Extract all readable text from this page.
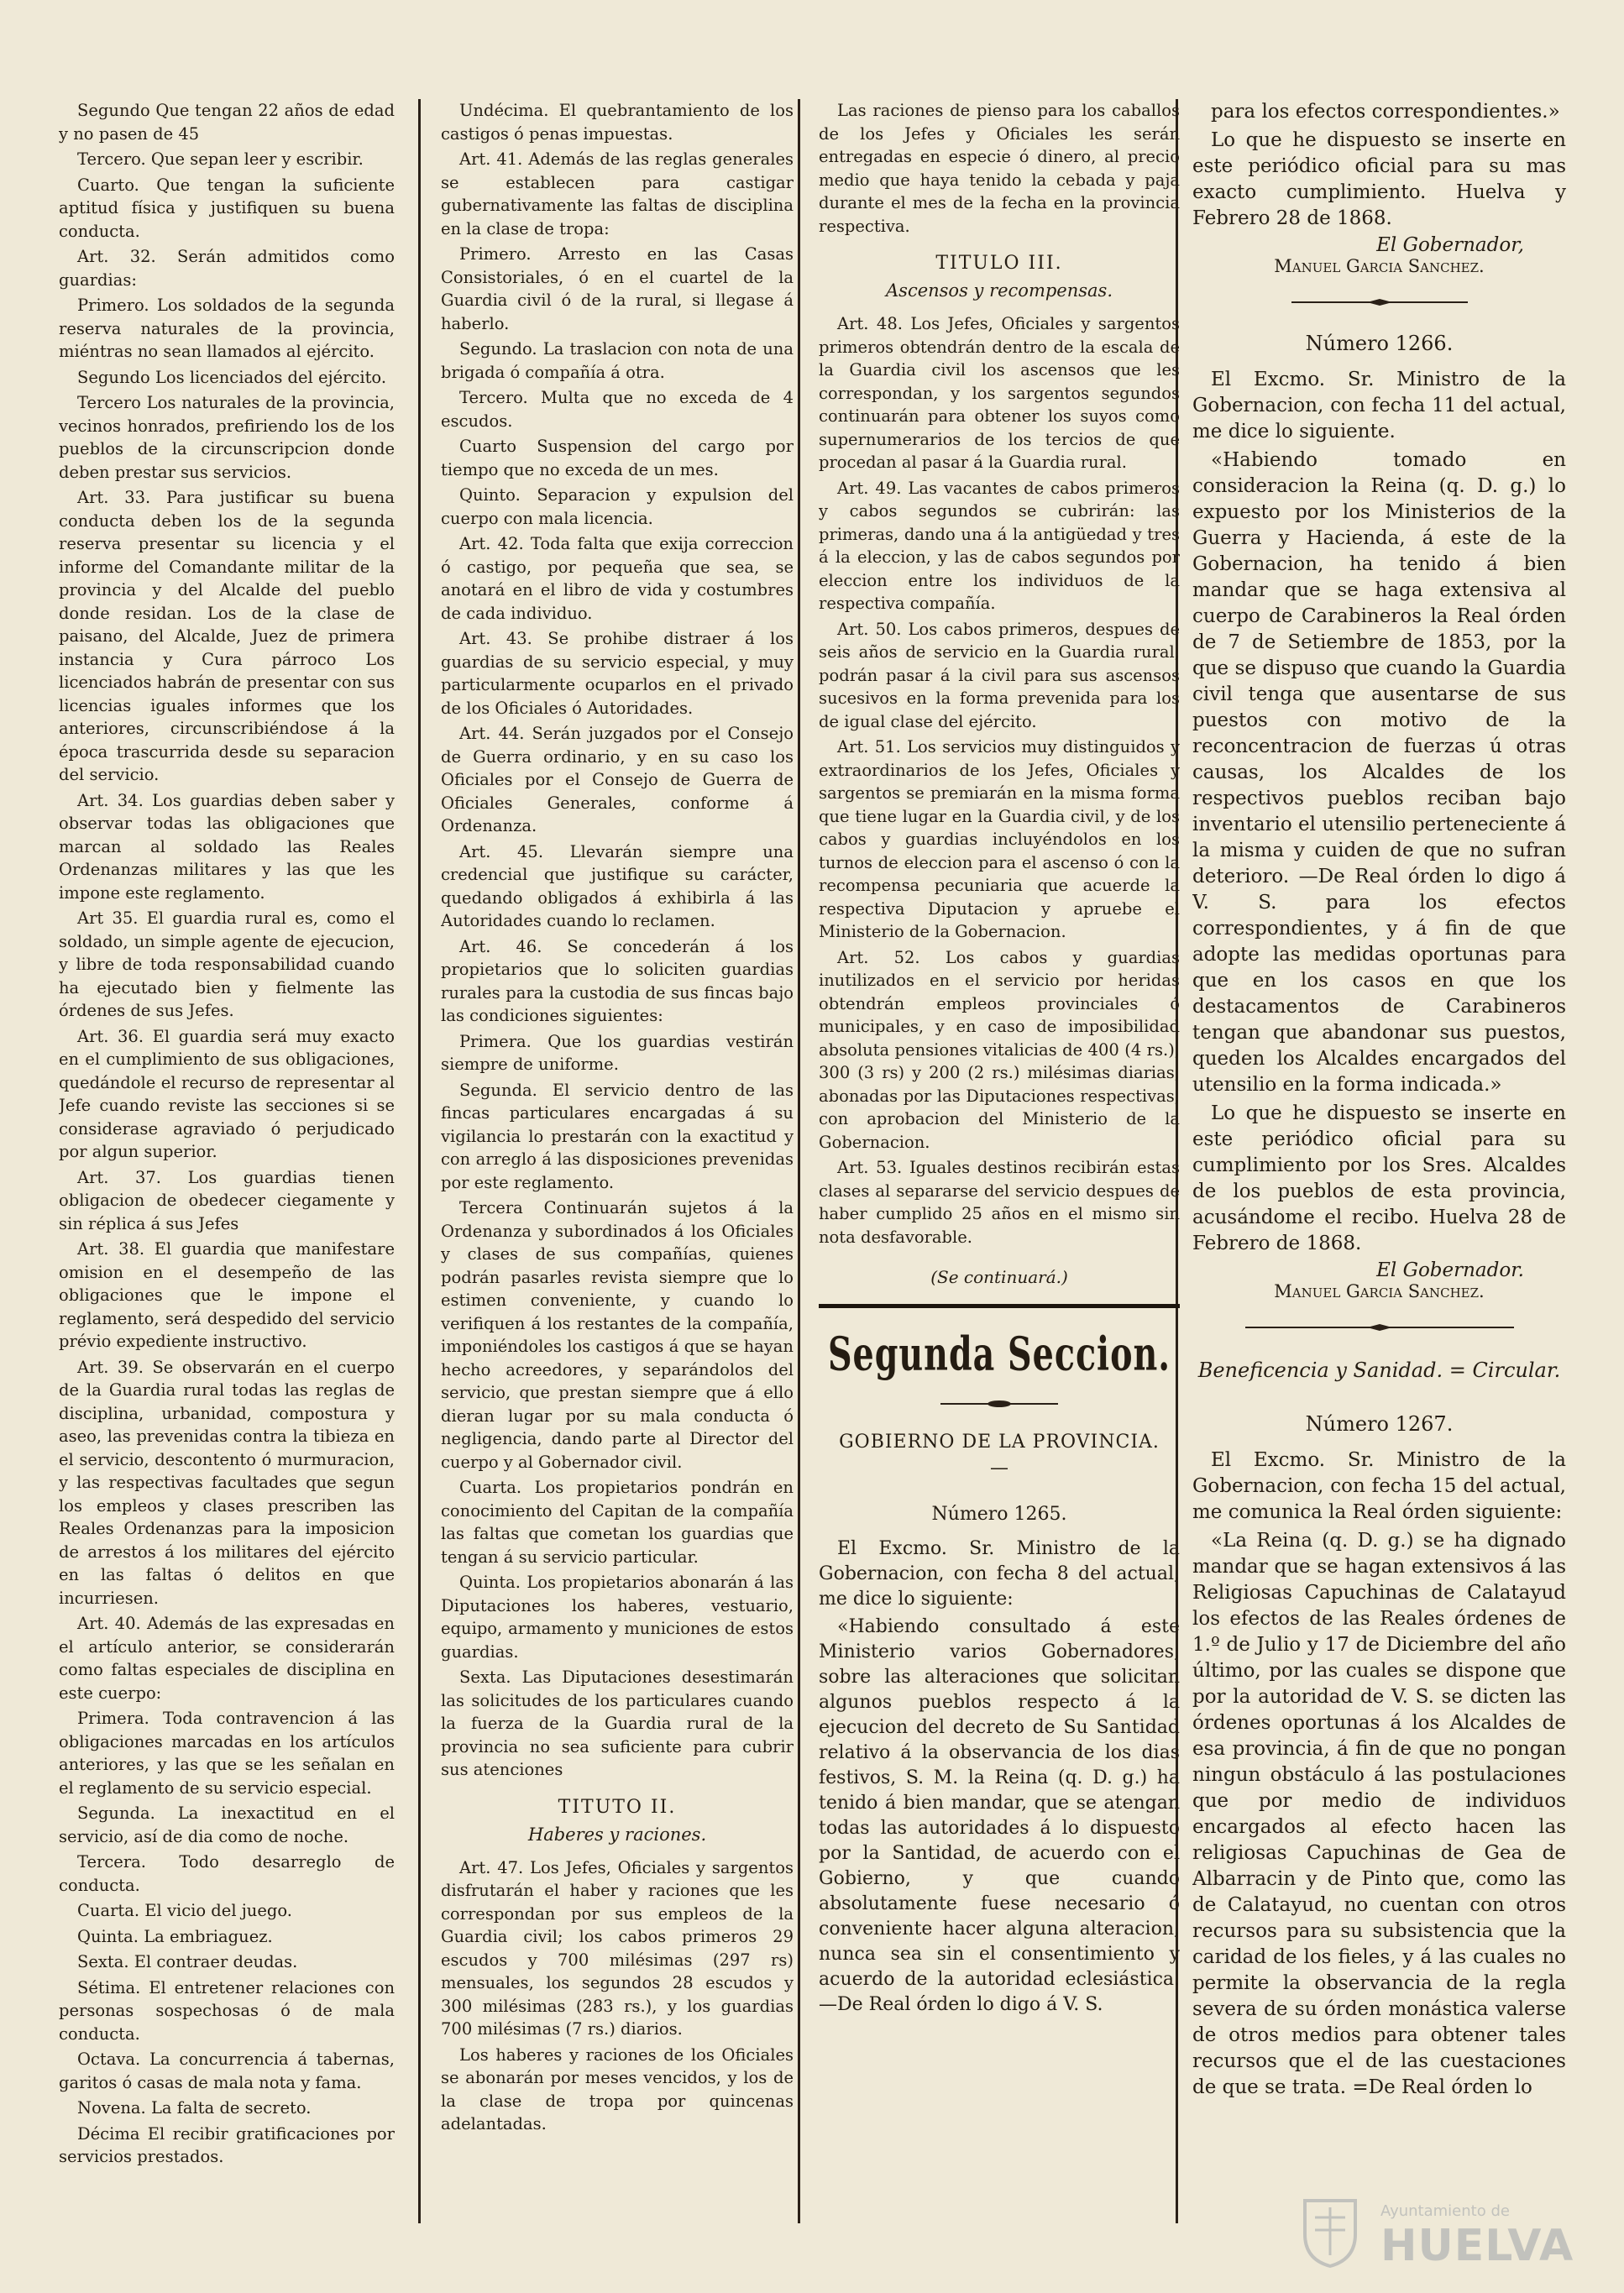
Segundo Que tengan 22 años de edad y no pasen de 45

Tercero. Que sepan leer y escribir.

Cuarto. Que tengan la suficiente aptitud física y justifiquen su buena conducta.

Art. 32. Serán admitidos como guardias:

Primero. Los soldados de la segunda reserva naturales de la provincia, miéntras no sean llamados al ejército.

Segundo Los licenciados del ejército.

Tercero Los naturales de la provincia, vecinos honrados, prefiriendo los de los pueblos de la circunscripcion donde deben prestar sus servicios.

Art. 33. Para justificar su buena conducta deben los de la segunda reserva presentar su licencia y el informe del Comandante militar de la provincia y del Alcalde del pueblo donde residan. Los de la clase de paisano, del Alcalde, Juez de primera instancia y Cura párroco Los licenciados habrán de presentar con sus licencias iguales informes que los anteriores, circunscribiéndose á la época trascurrida desde su separacion del servicio.

Art. 34. Los guardias deben saber y observar todas las obligaciones que marcan al soldado las Reales Ordenanzas militares y las que les impone este reglamento.

Art 35. El guardia rural es, como el soldado, un simple agente de ejecucion, y libre de toda responsabilidad cuando ha ejecutado bien y fielmente las órdenes de sus Jefes.

Art. 36. El guardia será muy exacto en el cumplimiento de sus obligaciones, quedándole el recurso de representar al Jefe cuando reviste las secciones si se considerase agraviado ó perjudicado por algun superior.

Art. 37. Los guardias tienen obligacion de obedecer ciegamente y sin réplica á sus Jefes

Art. 38. El guardia que manifestare omision en el desempeño de las obligaciones que le impone el reglamento, será despedido del servicio prévio expediente instructivo.

Art. 39. Se observarán en el cuerpo de la Guardia rural todas las reglas de disciplina, urbanidad, compostura y aseo, las prevenidas contra la tibieza en el servicio, descontento ó murmuracion, y las respectivas facultades que segun los empleos y clases prescriben las Reales Ordenanzas para la imposicion de arrestos á los militares del ejército en las faltas ó delitos en que incurriesen.

Art. 40. Además de las expresadas en el artículo anterior, se considerarán como faltas especiales de disciplina en este cuerpo:

Primera. Toda contravencion á las obligaciones marcadas en los artículos anteriores, y las que se les señalan en el reglamento de su servicio especial.

Segunda. La inexactitud en el servicio, así de dia como de noche.

Tercera. Todo desarreglo de conducta.

Cuarta. El vicio del juego.

Quinta. La embriaguez.

Sexta. El contraer deudas.

Sétima. El entretener relaciones con personas sospechosas ó de mala conducta.

Octava. La concurrencia á tabernas, garitos ó casas de mala nota y fama.

Novena. La falta de secreto.

Décima El recibir gratificaciones por servicios prestados.

Undécima. El quebrantamiento de los castigos ó penas impuestas.

Art. 41. Además de las reglas generales se establecen para castigar gubernativamente las faltas de disciplina en la clase de tropa:

Primero. Arresto en las Casas Consistoriales, ó en el cuartel de la Guardia civil ó de la rural, si llegase á haberlo.

Segundo. La traslacion con nota de una brigada ó compañía á otra.

Tercero. Multa que no exceda de 4 escudos.

Cuarto Suspension del cargo por tiempo que no exceda de un mes.

Quinto. Separacion y expulsion del cuerpo con mala licencia.

Art. 42. Toda falta que exija correccion ó castigo, por pequeña que sea, se anotará en el libro de vida y costumbres de cada individuo.

Art. 43. Se prohibe distraer á los guardias de su servicio especial, y muy particularmente ocuparlos en el privado de los Oficiales ó Autoridades.

Art. 44. Serán juzgados por el Consejo de Guerra ordinario, y en su caso los Oficiales por el Consejo de Guerra de Oficiales Generales, conforme á Ordenanza.

Art. 45. Llevarán siempre una credencial que justifique su carácter, quedando obligados á exhibirla á las Autoridades cuando lo reclamen.

Art. 46. Se concederán á los propietarios que lo soliciten guardias rurales para la custodia de sus fincas bajo las condiciones siguientes:

Primera. Que los guardias vestirán siempre de uniforme.

Segunda. El servicio dentro de las fincas particulares encargadas á su vigilancia lo prestarán con la exactitud y con arreglo á las disposiciones prevenidas por este reglamento.

Tercera Continuarán sujetos á la Ordenanza y subordinados á los Oficiales y clases de sus compañías, quienes podrán pasarles revista siempre que lo estimen conveniente, y cuando lo verifiquen á los restantes de la compañía, imponiéndoles los castigos á que se hayan hecho acreedores, y separándolos del servicio, que prestan siempre que á ello dieran lugar por su mala conducta ó negligencia, dando parte al Director del cuerpo y al Gobernador civil.

Cuarta. Los propietarios pondrán en conocimiento del Capitan de la compañía las faltas que cometan los guardias que tengan á su servicio particular.

Quinta. Los propietarios abonarán á las Diputaciones los haberes, vestuario, equipo, armamento y municiones de estos guardias.

Sexta. Las Diputaciones desestimarán las solicitudes de los particulares cuando la fuerza de la Guardia rural de la provincia no sea suficiente para cubrir sus atenciones

TITUTO II.
Haberes y raciones.

Art. 47. Los Jefes, Oficiales y sargentos disfrutarán el haber y raciones que les correspondan por sus empleos de la Guardia civil; los cabos primeros 29 escudos y 700 milésimas (297 rs) mensuales, los segundos 28 escudos y 300 milésimas (283 rs.), y los guardias 700 milésimas (7 rs.) diarios.

Los haberes y raciones de los Oficiales se abonarán por meses vencidos, y los de la clase de tropa por quincenas adelantadas.

Las raciones de pienso para los caballos de los Jefes y Oficiales les serán entregadas en especie ó dinero, al precio medio que haya tenido la cebada y paja durante el mes de la fecha en la provincia respectiva.

TITULO III.
Ascensos y recompensas.

Art. 48. Los Jefes, Oficiales y sargentos primeros obtendrán dentro de la escala de la Guardia civil los ascensos que les correspondan, y los sargentos segundos continuarán para obtener los suyos como supernumerarios de los tercios de que procedan al pasar á la Guardia rural.

Art. 49. Las vacantes de cabos primeros y cabos segundos se cubrirán: las primeras, dando una á la antigüedad y tres á la eleccion, y las de cabos segundos por eleccion entre los individuos de la respectiva compañía.

Art. 50. Los cabos primeros, despues de seis años de servicio en la Guardia rural, podrán pasar á la civil para sus ascensos sucesivos en la forma prevenida para los de igual clase del ejército.

Art. 51. Los servicios muy distinguidos y extraordinarios de los Jefes, Oficiales y sargentos se premiarán en la misma forma que tiene lugar en la Guardia civil, y de los cabos y guardias incluyéndolos en los turnos de eleccion para el ascenso ó con la recompensa pecuniaria que acuerde la respectiva Diputacion y apruebe el Ministerio de la Gobernacion.

Art. 52. Los cabos y guardias inutilizados en el servicio por heridas obtendrán empleos provinciales ó municipales, y en caso de imposibilidad absoluta pensiones vitalicias de 400 (4 rs.), 300 (3 rs) y 200 (2 rs.) milésimas diarias, abonadas por las Diputaciones respectivas, con aprobacion del Ministerio de la Gobernacion.

Art. 53. Iguales destinos recibirán estas clases al separarse del servicio despues de haber cumplido 25 años en el mismo sin nota desfavorable.

(Se continuará.)
Segunda Seccion.
GOBIERNO DE LA PROVINCIA.
—
Número 1265.

El Excmo. Sr. Ministro de la Gobernacion, con fecha 8 del actual, me dice lo siguiente:

«Habiendo consultado á este Ministerio varios Gobernadores, sobre las alteraciones que solicitan algunos pueblos respecto á la ejecucion del decreto de Su Santidad relativo á la observancia de los dias festivos, S. M. la Reina (q. D. g.) ha tenido á bien mandar, que se atengan todas las autoridades á lo dispuesto por la Santidad, de acuerdo con el Gobierno, y que cuando absolutamente fuese necesario ó conveniente hacer alguna alteracion, nunca sea sin el consentimiento y acuerdo de la autoridad eclesiástica. —De Real órden lo digo á V. S.

para los efectos correspondientes.»

Lo que he dispuesto se inserte en este periódico oficial para su mas exacto cumplimiento. Huelva y Febrero 28 de 1868.

El Gobernador,
Manuel Garcia Sanchez.
Número 1266.

El Excmo. Sr. Ministro de la Gobernacion, con fecha 11 del actual, me dice lo siguiente.

«Habiendo tomado en consideracion la Reina (q. D. g.) lo expuesto por los Ministerios de la Guerra y Hacienda, á este de la Gobernacion, ha tenido á bien mandar que se haga extensiva al cuerpo de Carabineros la Real órden de 7 de Setiembre de 1853, por la que se dispuso que cuando la Guardia civil tenga que ausentarse de sus puestos con motivo de la reconcentracion de fuerzas ú otras causas, los Alcaldes de los respectivos pueblos reciban bajo inventario el utensilio perteneciente á la misma y cuiden de que no sufran deterioro. —De Real órden lo digo á V. S. para los efectos correspondientes, y á fin de que adopte las medidas oportunas para que en los casos en que los destacamentos de Carabineros tengan que abandonar sus puestos, queden los Alcaldes encargados del utensilio en la forma indicada.»

Lo que he dispuesto se inserte en este periódico oficial para su cumplimiento por los Sres. Alcaldes de los pueblos de esta provincia, acusándome el recibo. Huelva 28 de Febrero de 1868.

El Gobernador.
Manuel Garcia Sanchez.
Beneficencia y Sanidad. = Circular.
Número 1267.

El Excmo. Sr. Ministro de la Gobernacion, con fecha 15 del actual, me comunica la Real órden siguiente:

«La Reina (q. D. g.) se ha dignado mandar que se hagan extensivos á las Religiosas Capuchinas de Calatayud los efectos de las Reales órdenes de 1.º de Julio y 17 de Diciembre del año último, por las cuales se dispone que por la autoridad de V. S. se dicten las órdenes oportunas á los Alcaldes de esa provincia, á fin de que no pongan ningun obstáculo á las postulaciones que por medio de individuos encargados al efecto hacen las religiosas Capuchinas de Gea de Albarracin y de Pinto que, como las de Calatayud, no cuentan con otros recursos para su subsistencia que la caridad de los fieles, y á las cuales no permite la observancia de la regla severa de su órden monástica valerse de otros medios para obtener tales recursos que el de las cuestaciones de que se trata. =De Real órden lo

Ayuntamiento de
HUELVA
